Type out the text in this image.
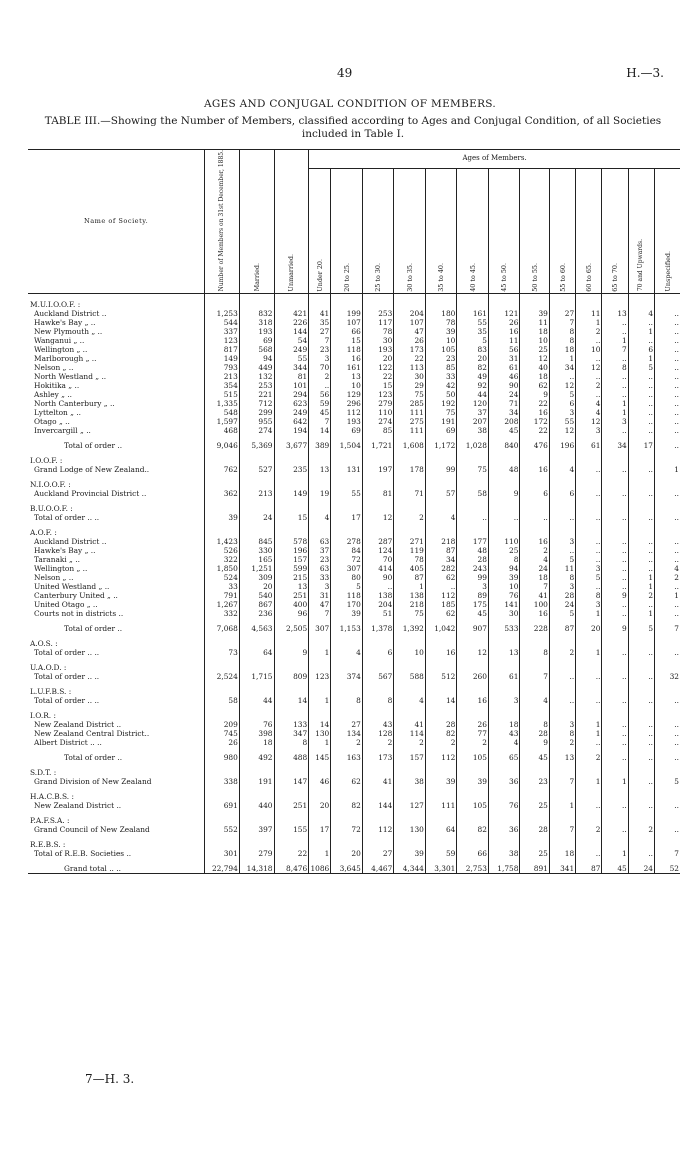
49	H.—3.
AGES AND CONJUGAL CONDITION OF MEMBERS.
TABLE III.—Showing the Number of Members, classified according to Ages and Conjugal Condition, of all Societies included in Table I.
Name of Society.	Number of Members on 31st December, 1885.	Married.	Unmarried.	Ages of Members.												
				Under 20.	20 to 25.	25 to 30.	30 to 35.	35 to 40.	40 to 45.	45 to 50.	50 to 55.	55 to 60.	60 to 65.	65 to 70.	70 and Upwards.	Unspecified.

M.U.I.O.O.F. :																
Auckland District ..	1,253	832	421	41	199	253	204	180	161	121	39	27	11	13	4	..
Hawke's Bay „ ..	544	318	226	35	107	117	107	78	55	26	11	7	1	..	..	..
New Plymouth „ ..	337	193	144	27	66	78	47	39	35	16	18	8	2	..	1	..
Wanganui „ ..	123	69	54	7	15	30	26	10	5	11	10	8	..	1	..	..
Wellington „ ..	817	568	249	23	118	193	173	105	83	56	25	18	10	7	6	..
Marlborough „ ..	149	94	55	3	16	20	22	23	20	31	12	1	..	..	1	..
Nelson „ ..	793	449	344	70	161	122	113	85	82	61	40	34	12	8	5	..
North Westland „ ..	213	132	81	2	13	22	30	33	49	46	18	..	..	..	..	..
Hokitika „ ..	354	253	101	..	10	15	29	42	92	90	62	12	2	..	..	..
Ashley „ ..	515	221	294	56	129	123	75	50	44	24	9	5	..	..	..	..
North Canterbury „ ..	1,335	712	623	59	296	279	285	192	120	71	22	6	4	1	..	..
Lyttelton „ ..	548	299	249	45	112	110	111	75	37	34	16	3	4	1	..	..
Otago „ ..	1,597	955	642	7	193	274	275	191	207	208	172	55	12	3	..	..
Invercargill „ ..	468	274	194	14	69	85	111	69	38	45	22	12	3	..	..	..

Total of order ..	9,046	5,369	3,677	389	1,504	1,721	1,608	1,172	1,028	840	476	196	61	34	17	..

I.O.O.F. :																
Grand Lodge of New Zealand..	762	527	235	13	131	197	178	99	75	48	16	4	..	..	..	1

N.I.O.O.F. :																
Auckland Provincial District ..	362	213	149	19	55	81	71	57	58	9	6	6	..	..	..	..

B.U.O.O.F. :																
Total of order .. ..	39	24	15	4	17	12	2	4	..	..	..	..	..	..	..	..

A.O.F. :																
Auckland District ..	1,423	845	578	63	278	287	271	218	177	110	16	3	..	..	..	..
Hawke's Bay „ ..	526	330	196	37	84	124	119	87	48	25	2	..	..	..	..	..
Taranaki „ ..	322	165	157	23	72	70	78	34	28	8	4	5	..	..	..	..
Wellington „ ..	1,850	1,251	599	63	307	414	405	282	243	94	24	11	3	..	..	4
Nelson „ ..	524	309	215	33	80	90	87	62	99	39	18	8	5	..	1	2
United Westland „ ..	33	20	13	3	5	..	1	..	3	10	7	3	..	..	1	..
Canterbury United „ ..	791	540	251	31	118	138	138	112	89	76	41	28	8	9	2	1
United Otago „ ..	1,267	867	400	47	170	204	218	185	175	141	100	24	3	..	..	..
Courts not in districts ..	332	236	96	7	39	51	75	62	45	30	16	5	1	..	1	..

Total of order ..	7,068	4,563	2,505	307	1,153	1,378	1,392	1,042	907	533	228	87	20	9	5	7

A.O.S. :																
Total of order .. ..	73	64	9	1	4	6	10	16	12	13	8	2	1	..	..	..

U.A.O.D. :																
Total of order .. ..	2,524	1,715	809	123	374	567	588	512	260	61	7	..	..	..	..	32

L.U.F.B.S. :																
Total of order .. ..	58	44	14	1	8	8	4	14	16	3	4	..	..	..	..	..

I.O.R. :																
New Zealand District ..	209	76	133	14	27	43	41	28	26	18	8	3	1	..	..	..
New Zealand Central District..	745	398	347	130	134	128	114	82	77	43	28	8	1	..	..	..
Albert District .. ..	26	18	8	1	2	2	2	2	2	4	9	2	..	..	..	..

Total of order ..	980	492	488	145	163	173	157	112	105	65	45	13	2	..	..	..

S.D.T. :																
Grand Division of New Zealand	338	191	147	46	62	41	38	39	39	36	23	7	1	1	..	5

H.A.C.B.S. :																
New Zealand District ..	691	440	251	20	82	144	127	111	105	76	25	1	..	..	..	..

P.A.F.S.A. :																
Grand Council of New Zealand	552	397	155	17	72	112	130	64	82	36	28	7	2	..	2	..

R.E.B.S. :																
Total of R.E.B. Societies ..	301	279	22	1	20	27	39	59	66	38	25	18	..	1	..	7

Grand total .. ..	22,794	14,318	8,476	1086	3,645	4,467	4,344	3,301	2,753	1,758	891	341	87	45	24	52
7—H. 3.
